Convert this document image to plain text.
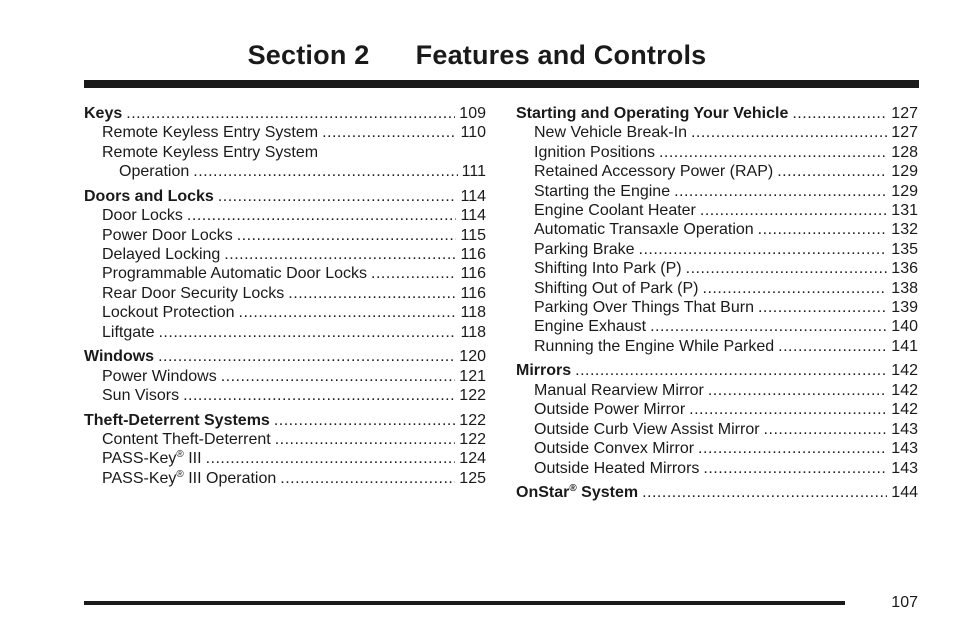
Section 2 Features and Controls
Keys .....	109
Remote Keyless Entry System .....	110
Remote Keyless Entry System
Operation .....	111
Doors and Locks .....	114
Door Locks .....	114
Power Door Locks .....	115
Delayed Locking .....	116
Programmable Automatic Door Locks .....	116
Rear Door Security Locks .....	116
Lockout Protection .....	118
Liftgate .....	118
Windows .....	120
Power Windows .....	121
Sun Visors .....	122
Theft-Deterrent Systems .....	122
Content Theft-Deterrent .....	122
PASS-Key® III .....	124
PASS-Key® III Operation .....	125
Starting and Operating Your Vehicle .....	127
New Vehicle Break-In .....	127
Ignition Positions .....	128
Retained Accessory Power (RAP) .....	129
Starting the Engine .....	129
Engine Coolant Heater .....	131
Automatic Transaxle Operation .....	132
Parking Brake .....	135
Shifting Into Park (P) .....	136
Shifting Out of Park (P) .....	138
Parking Over Things That Burn .....	139
Engine Exhaust .....	140
Running the Engine While Parked .....	141
Mirrors .....	142
Manual Rearview Mirror .....	142
Outside Power Mirror .....	142
Outside Curb View Assist Mirror .....	143
Outside Convex Mirror .....	143
Outside Heated Mirrors .....	143
OnStar® System .....	144
107
